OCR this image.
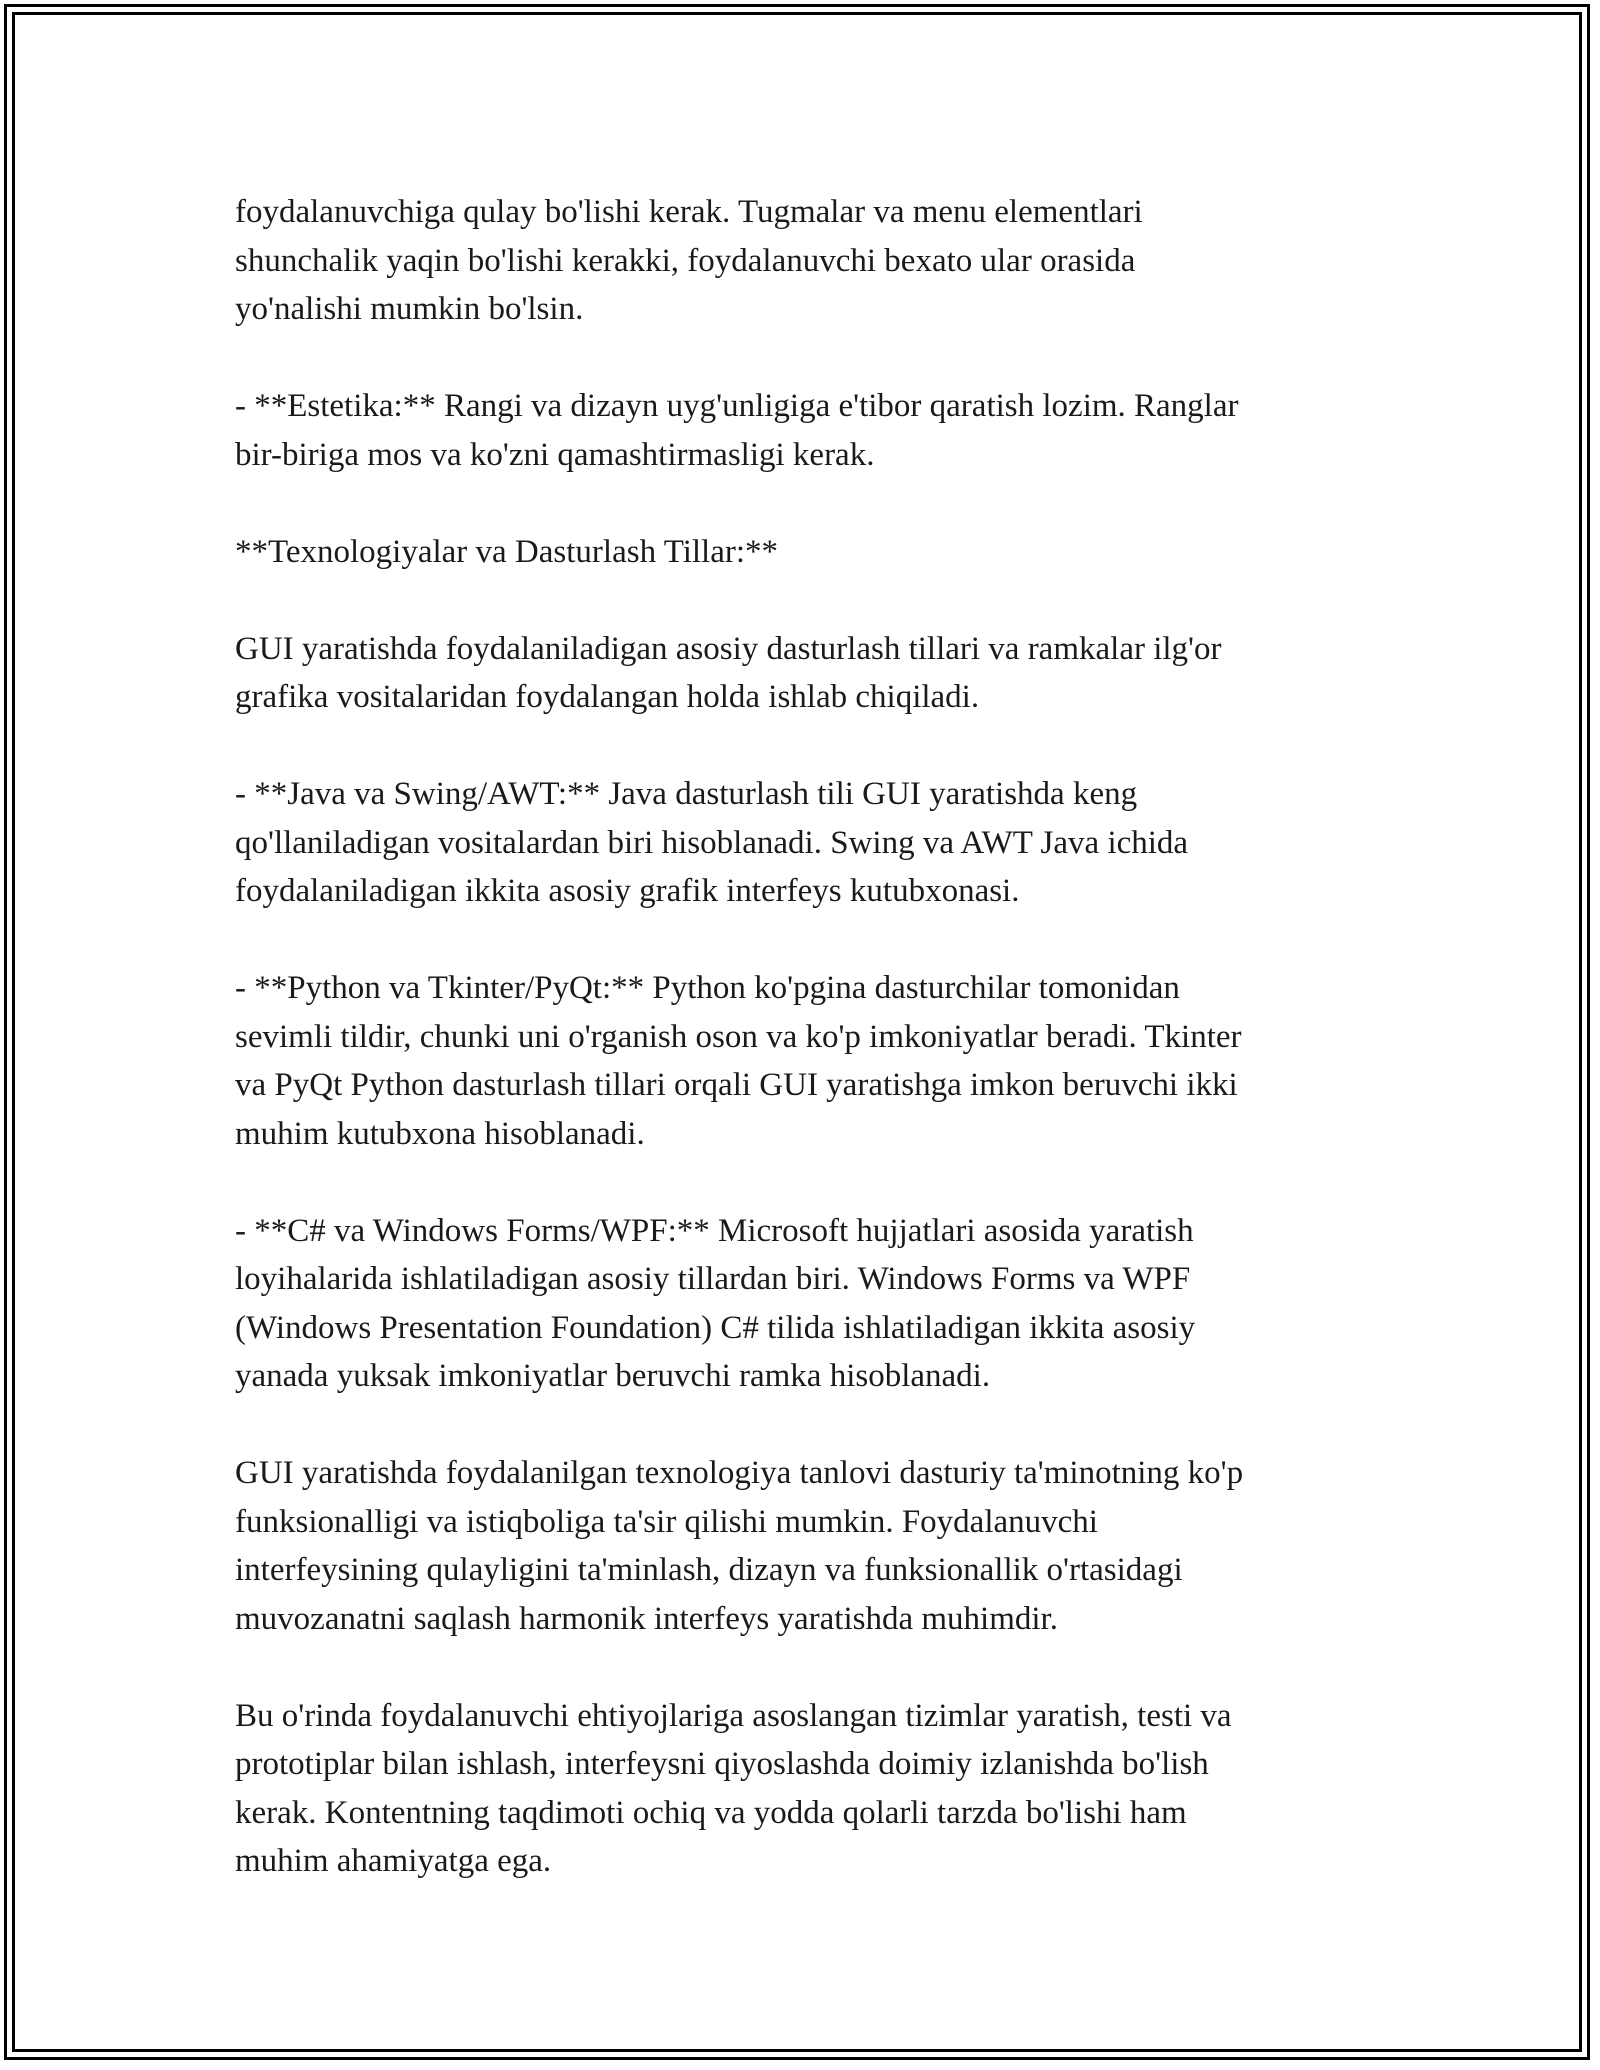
foydalanuvchiga qulay bo'lishi kerak. Tugmalar va menu elementlari
shunchalik yaqin bo'lishi kerakki, foydalanuvchi bexato ular orasida
yo'nalishi mumkin bo'lsin.

- **Estetika:** Rangi va dizayn uyg'unligiga e'tibor qaratish lozim. Ranglar
bir-biriga mos va ko'zni qamashtirmasligi kerak.

**Texnologiyalar va Dasturlash Tillar:**

GUI yaratishda foydalaniladigan asosiy dasturlash tillari va ramkalar ilg'or
grafika vositalaridan foydalangan holda ishlab chiqiladi.

- **Java va Swing/AWT:** Java dasturlash tili GUI yaratishda keng
qo'llaniladigan vositalardan biri hisoblanadi. Swing va AWT Java ichida
foydalaniladigan ikkita asosiy grafik interfeys kutubxonasi.

- **Python va Tkinter/PyQt:** Python ko'pgina dasturchilar tomonidan
sevimli tildir, chunki uni o'rganish oson va ko'p imkoniyatlar beradi. Tkinter
va PyQt Python dasturlash tillari orqali GUI yaratishga imkon beruvchi ikki
muhim kutubxona hisoblanadi.

- **C# va Windows Forms/WPF:** Microsoft hujjatlari asosida yaratish
loyihalarida ishlatiladigan asosiy tillardan biri. Windows Forms va WPF
(Windows Presentation Foundation) C# tilida ishlatiladigan ikkita asosiy
yanada yuksak imkoniyatlar beruvchi ramka hisoblanadi.

GUI yaratishda foydalanilgan texnologiya tanlovi dasturiy ta'minotning ko'p
funksionalligi va istiqboliga ta'sir qilishi mumkin. Foydalanuvchi
interfeysining qulayligini ta'minlash, dizayn va funksionallik o'rtasidagi
muvozanatni saqlash harmonik interfeys yaratishda muhimdir.

Bu o'rinda foydalanuvchi ehtiyojlariga asoslangan tizimlar yaratish, testi va
prototiplar bilan ishlash, interfeysni qiyoslashda doimiy izlanishda bo'lish
kerak. Kontentning taqdimoti ochiq va yodda qolarli tarzda bo'lishi ham
muhim ahamiyatga ega.
